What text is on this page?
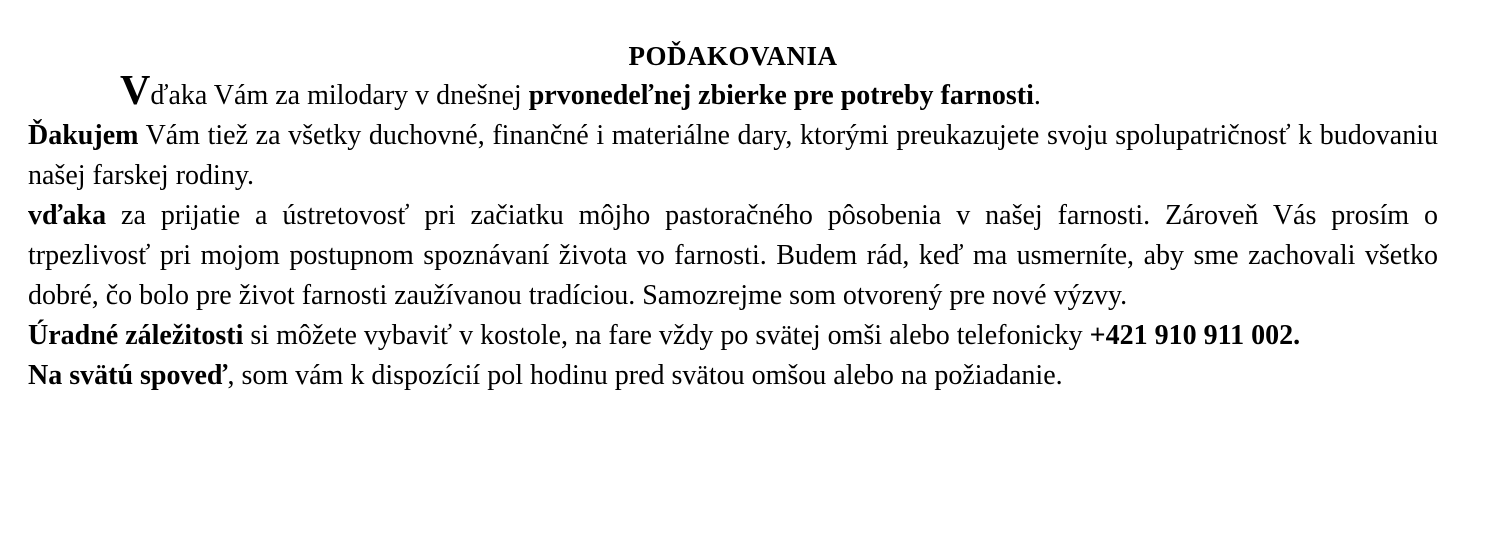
POĎAKOVANIA

Vďaka Vám za milodary v dnešnej prvonedeľnej zbierke pre potreby farnosti.

Ďakujem Vám tiež za všetky duchovné, finančné i materiálne dary, ktorými preukazujete svoju spolupatričnosť k budovaniu našej farskej rodiny.

vďaka za prijatie a ústretovosť pri začiatku môjho pastoračného pôsobenia v našej farnosti. Zároveň Vás prosím o trpezlivosť pri mojom postupnom spoznávaní života vo farnosti. Budem rád, keď ma usmerníte, aby sme zachovali všetko dobré, čo bolo pre život farnosti zaužívanou tradíciou. Samozrejme som otvorený pre nové výzvy.

Úradné záležitosti si môžete vybaviť v kostole, na fare vždy po svätej omši alebo telefonicky +421 910 911 002.

Na svätú spoveď, som vám k dispozícií pol hodinu pred svätou omšou alebo na požiadanie.
